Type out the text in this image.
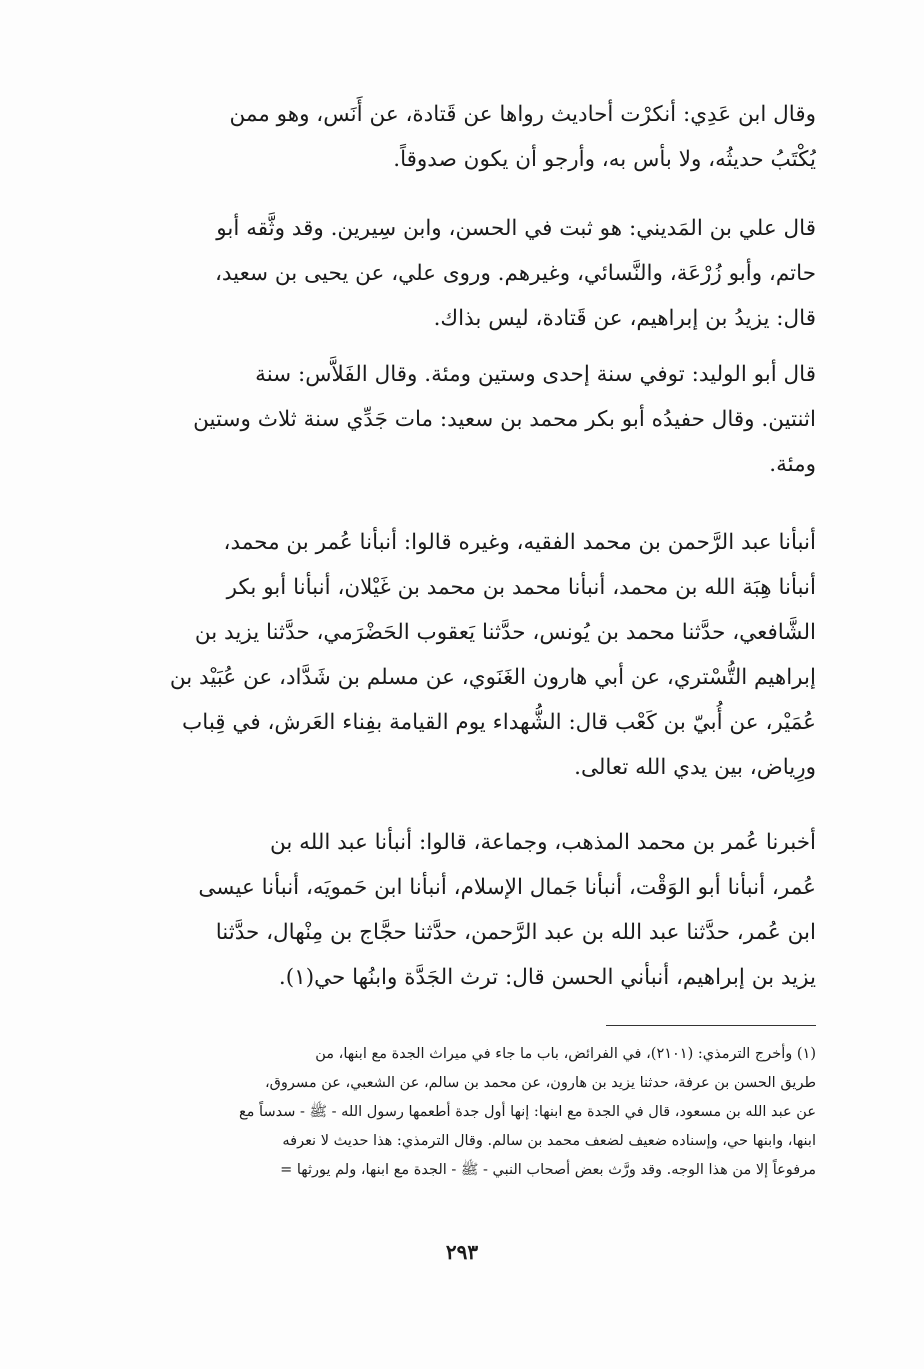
وقال ابن عَدِي: أنكرْت أحاديث رواها عن قَتادة، عن أَنَس، وهو ممن
يُكْتَبُ حديثُه، ولا بأس به، وأرجو أن يكون صدوقاً.

قال علي بن المَديني: هو ثبت في الحسن، وابن سِيرين. وقد وثَّقه أبو
حاتم، وأبو زُرْعَة، والنَّسائي، وغيرهم. وروى علي، عن يحيى بن سعيد،
قال: يزيدُ بن إبراهيم، عن قَتادة، ليس بذاك.

قال أبو الوليد: توفي سنة إحدى وستين ومئة. وقال الفَلاَّس: سنة
اثنتين. وقال حفيدُه أبو بكر محمد بن سعيد: مات جَدِّي سنة ثلاث وستين
ومئة.

أنبأنا عبد الرَّحمن بن محمد الفقيه، وغيره قالوا: أنبأنا عُمر بن محمد،
أنبأنا هِبَة الله بن محمد، أنبأنا محمد بن محمد بن غَيْلان، أنبأنا أبو بكر
الشَّافعي، حدَّثنا محمد بن يُونس، حدَّثنا يَعقوب الحَضْرَمي، حدَّثنا يزيد بن
إبراهيم التُّسْتري، عن أبي هارون الغَنَوي، عن مسلم بن شَدَّاد، عن عُبَيْد بن
عُمَيْر، عن أُبيّ بن كَعْب قال: الشُّهداء يوم القيامة بفِناء العَرش، في قِباب
ورِياض، بين يدي الله تعالى.

أخبرنا عُمر بن محمد المذهب، وجماعة، قالوا: أنبأنا عبد الله بن
عُمر، أنبأنا أبو الوَقْت، أنبأنا جَمال الإسلام، أنبأنا ابن حَمويَه، أنبأنا عيسى
ابن عُمر، حدَّثنا عبد الله بن عبد الرَّحمن، حدَّثنا حجَّاج بن مِنْهال، حدَّثنا
يزيد بن إبراهيم، أنبأني الحسن قال: ترث الجَدَّة وابنُها حي(١).

(١) وأخرج الترمذي: (٢١٠١)، في الفرائض، باب ما جاء في ميراث الجدة مع ابنها، من
طريق الحسن بن عرفة، حدثنا يزيد بن هارون، عن محمد بن سالم، عن الشعبي، عن مسروق،
عن عبد الله بن مسعود، قال في الجدة مع ابنها: إنها أول جدة أطعمها رسول الله - ﷺ - سدساً مع
ابنها، وابنها حي، وإسناده ضعيف لضعف محمد بن سالم. وقال الترمذي: هذا حديث لا نعرفه
مرفوعاً إلا من هذا الوجه. وقد ورَّث بعض أصحاب النبي - ﷺ - الجدة مع ابنها، ولم يورثها =
٢٩٣
